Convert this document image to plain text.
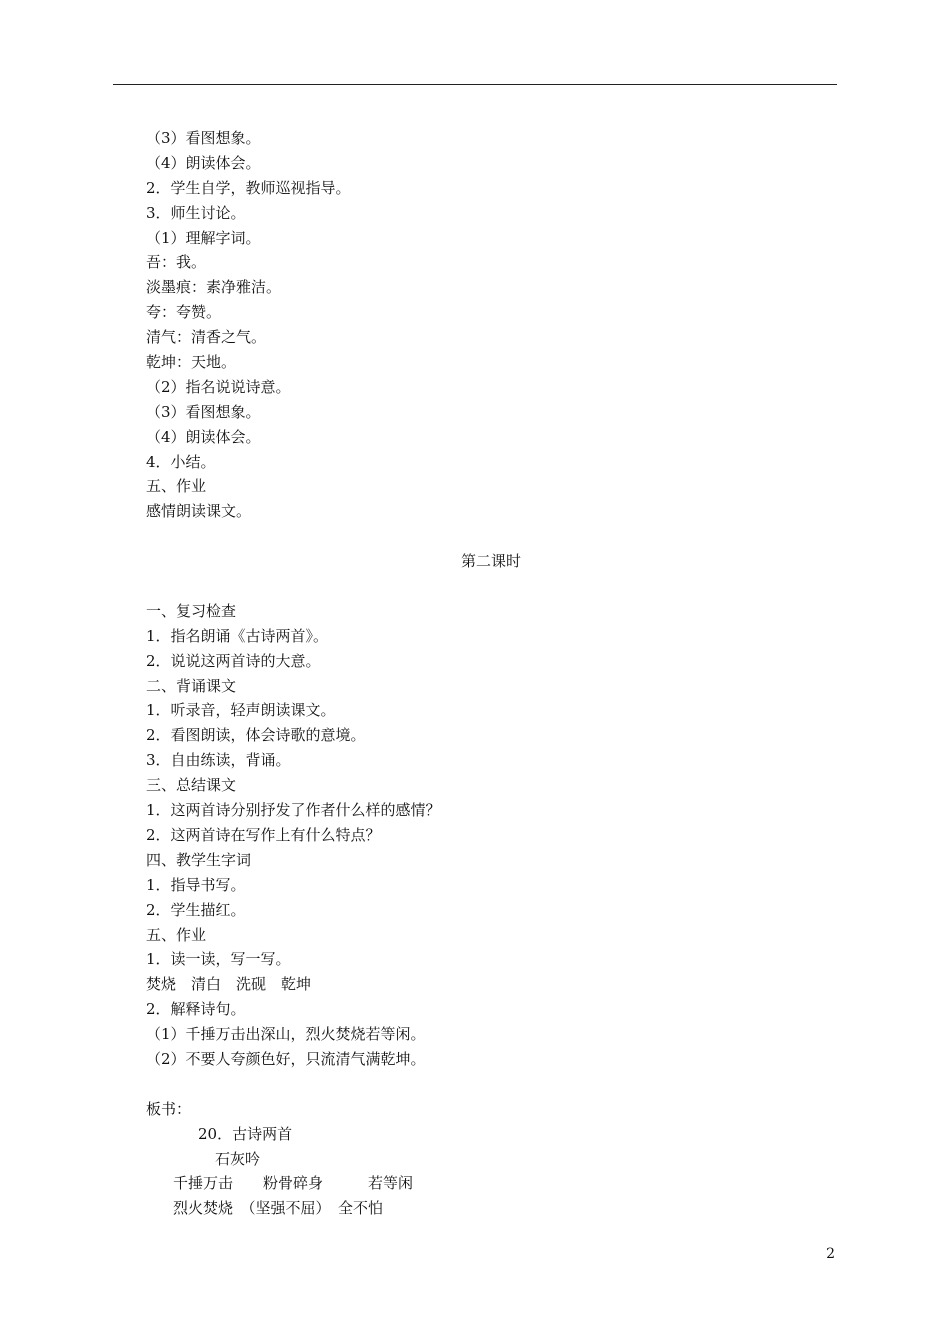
（3）看图想象。
（4）朗读体会。
2．学生自学，教师巡视指导。
3．师生讨论。
（1）理解字词。
吾：我。
淡墨痕：素净雅洁。
夸：夸赞。
清气：清香之气。
乾坤：天地。
（2）指名说说诗意。
（3）看图想象。
（4）朗读体会。
4．小结。
五、作业
感情朗读课文。
第二课时
一、复习检查
1．指名朗诵《古诗两首》。
2．说说这两首诗的大意。
二、背诵课文
1．听录音，轻声朗读课文。
2．看图朗读，体会诗歌的意境。
3．自由练读，背诵。
三、总结课文
1．这两首诗分别抒发了作者什么样的感情？
2．这两首诗在写作上有什么特点？
四、教学生字词
1．指导书写。
2．学生描红。
五、作业
1．读一读，写一写。
焚烧　清白　洗砚　乾坤
2．解释诗句。
（1）千捶万击出深山，烈火焚烧若等闲。
（2）不要人夸颜色好，只流清气满乾坤。
板书：
20．古诗两首
石灰吟
千捶万击　　粉骨碎身　　　若等闲
烈火焚烧　（坚强不屈）　全不怕
2
